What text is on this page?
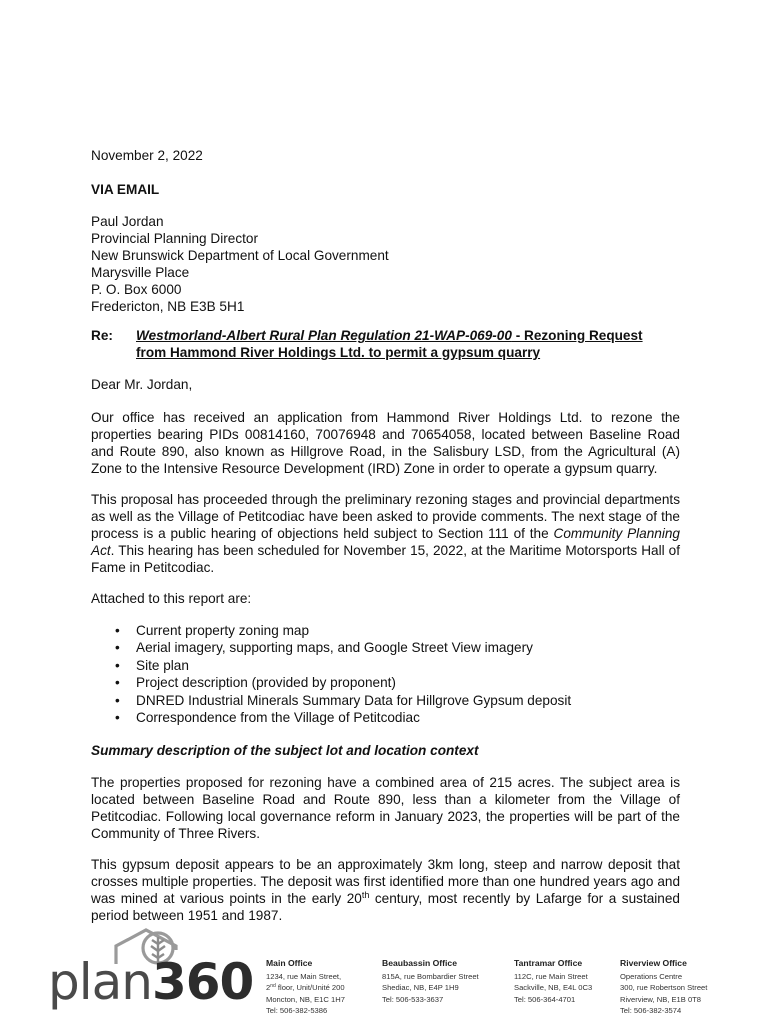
November 2, 2022

VIA EMAIL

Paul Jordan
Provincial Planning Director
New Brunswick Department of Local Government
Marysville Place
P. O. Box 6000
Fredericton, NB E3B 5H1
Re: Westmorland-Albert Rural Plan Regulation 21-WAP-069-00 - Rezoning Request
from Hammond River Holdings Ltd. to permit a gypsum quarry

Dear Mr. Jordan,

Our office has received an application from Hammond River Holdings Ltd. to rezone the properties bearing PIDs 00814160, 70076948 and 70654058, located between Baseline Road and Route 890, also known as Hillgrove Road, in the Salisbury LSD, from the Agricultural (A) Zone to the Intensive Resource Development (IRD) Zone in order to operate a gypsum quarry.

This proposal has proceeded through the preliminary rezoning stages and provincial departments as well as the Village of Petitcodiac have been asked to provide comments. The next stage of the process is a public hearing of objections held subject to Section 111 of the Community Planning Act. This hearing has been scheduled for November 15, 2022, at the Maritime Motorsports Hall of Fame in Petitcodiac.

Attached to this report are:

• Current property zoning map
• Aerial imagery, supporting maps, and Google Street View imagery
• Site plan
• Project description (provided by proponent)
• DNRED Industrial Minerals Summary Data for Hillgrove Gypsum deposit
• Correspondence from the Village of Petitcodiac

Summary description of the subject lot and location context

The properties proposed for rezoning have a combined area of 215 acres. The subject area is located between Baseline Road and Route 890, less than a kilometer from the Village of Petitcodiac. Following local governance reform in January 2023, the properties will be part of the Community of Three Rivers.

This gypsum deposit appears to be an approximately 3km long, steep and narrow deposit that crosses multiple properties. The deposit was first identified more than one hundred years ago and was mined at various points in the early 20th century, most recently by Lafarge for a sustained period between 1951 and 1987.

plan360 Main Office
1234, rue Main Street,
2nd floor, Unit/Unité 200
Moncton, NB, E1C 1H7
Tel: 506-382-5386
Beaubassin Office
815A, rue Bombardier Street
Shediac, NB, E4P 1H9
Tel: 506-533-3637
Tantramar Office
112C, rue Main Street
Sackville, NB, E4L 0C3
Tel: 506-364-4701
Riverview Office
Operations Centre
300, rue Robertson Street
Riverview, NB, E1B 0T8
Tel: 506-382-3574
